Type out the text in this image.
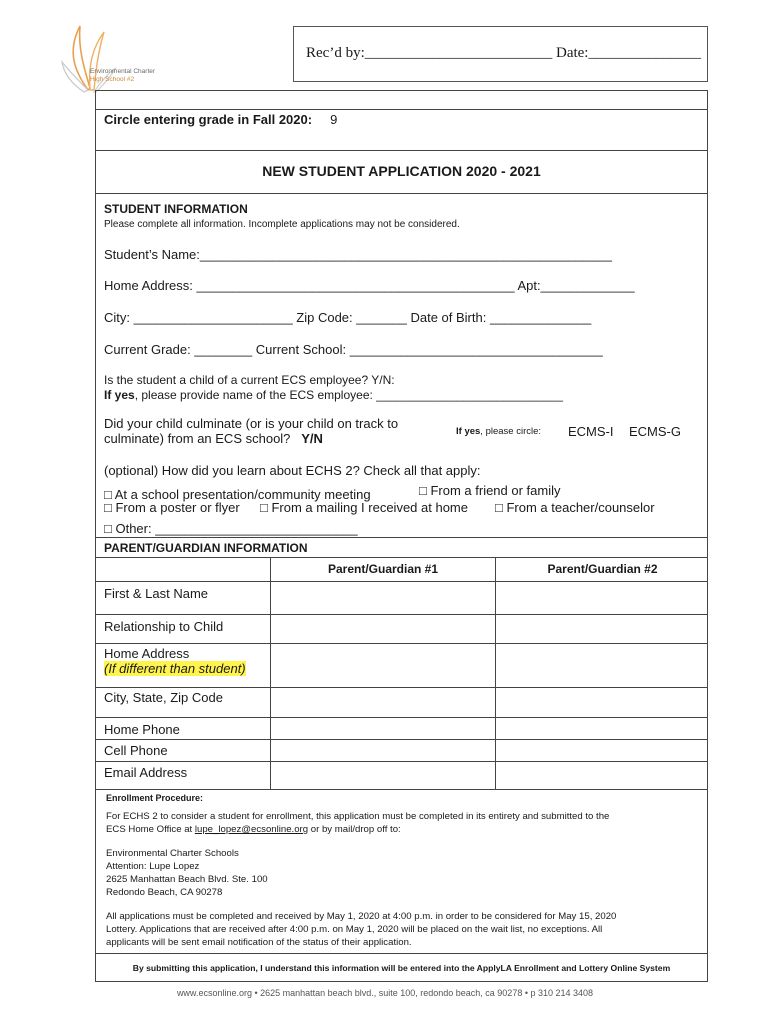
Environmental Charter
High School #2
Rec’d by:_________________________ Date:_______________
Circle entering grade in Fall 2020: 9
NEW STUDENT APPLICATION 2020 - 2021
STUDENT INFORMATION
Please complete all information. Incomplete applications may not be considered.
Student’s Name:_________________________________________________________
Home Address: ____________________________________________ Apt:_____________
City: ______________________ Zip Code: _______ Date of Birth: ______________
Current Grade: ________ Current School: ___________________________________
Is the student a child of a current ECS employee? Y/N:
If yes, please provide name of the ECS employee: ____________________________
Did your child culminate (or is your child on track to
culminate) from an ECS school? Y/N	If yes, please circle: ECMS-I ECMS-G
(optional) How did you learn about ECHS 2? Check all that apply:
□ At a school presentation/community meeting	□ From a friend or family
□ From a poster or flyer □ From a mailing I received at home □ From a teacher/counselor
□ Other: ____________________________
PARENT/GUARDIAN INFORMATION
Parent/Guardian #1	Parent/Guardian #2
First & Last Name
Relationship to Child
Home Address
(If different than student)
City, State, Zip Code
Home Phone
Cell Phone
Email Address

Enrollment Procedure:

For ECHS 2 to consider a student for enrollment, this application must be completed in its entirety and submitted to the

ECS Home Office at lupe_lopez@ecsonline.org or by mail/drop off to:

Environmental Charter Schools

Attention: Lupe Lopez

2625 Manhattan Beach Blvd. Ste. 100

Redondo Beach, CA 90278

All applications must be completed and received by May 1, 2020 at 4:00 p.m. in order to be considered for May 15, 2020

Lottery. Applications that are received after 4:00 p.m. on May 1, 2020 will be placed on the wait list, no exceptions. All

applicants will be sent email notification of the status of their application.

By submitting this application, I understand this information will be entered into the ApplyLA Enrollment and Lottery Online System
www.ecsonline.org • 2625 manhattan beach blvd., suite 100, redondo beach, ca 90278 • p 310 214 3408
